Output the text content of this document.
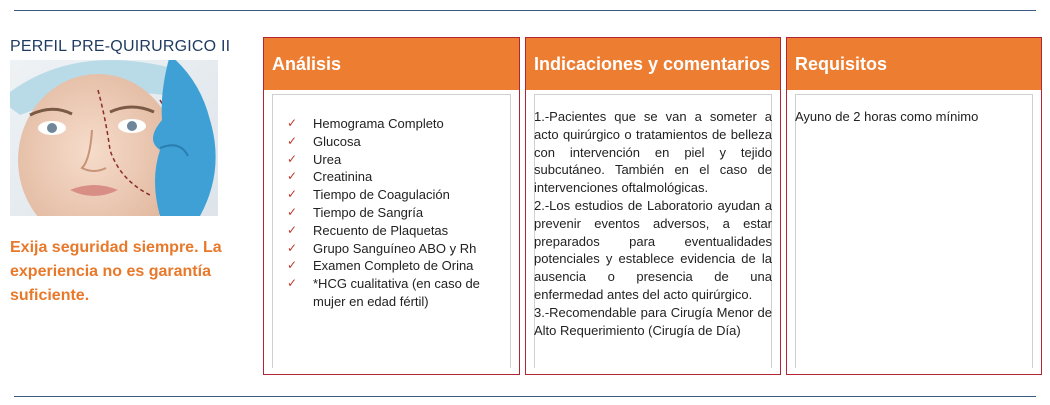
PERFIL PRE-QUIRURGICO II
Exija seguridad siempre. La experiencia no es garantía suficiente.
Análisis
✓ Hemograma Completo
✓ Glucosa
✓ Urea
✓ Creatinina
✓ Tiempo de Coagulación
✓ Tiempo de Sangría
✓ Recuento de Plaquetas
✓ Grupo Sanguíneo ABO y Rh
✓ Examen Completo de Orina
✓ *HCG cualitativa (en caso de mujer en edad fértil)
Indicaciones y comentarios

1.-Pacientes que se van a someter a acto quirúrgico o tratamientos de belleza con intervención en piel y tejido subcutáneo. También en el caso de intervenciones oftalmológicas.

2.-Los estudios de Laboratorio ayudan a prevenir eventos adversos, a estar preparados para eventualidades potenciales y establece evidencia de la ausencia o presencia de una enfermedad antes del acto quirúrgico.

3.-Recomendable para Cirugía Menor de Alto Requerimiento (Cirugía de Día)

Requisitos
Ayuno de 2 horas como mínimo
